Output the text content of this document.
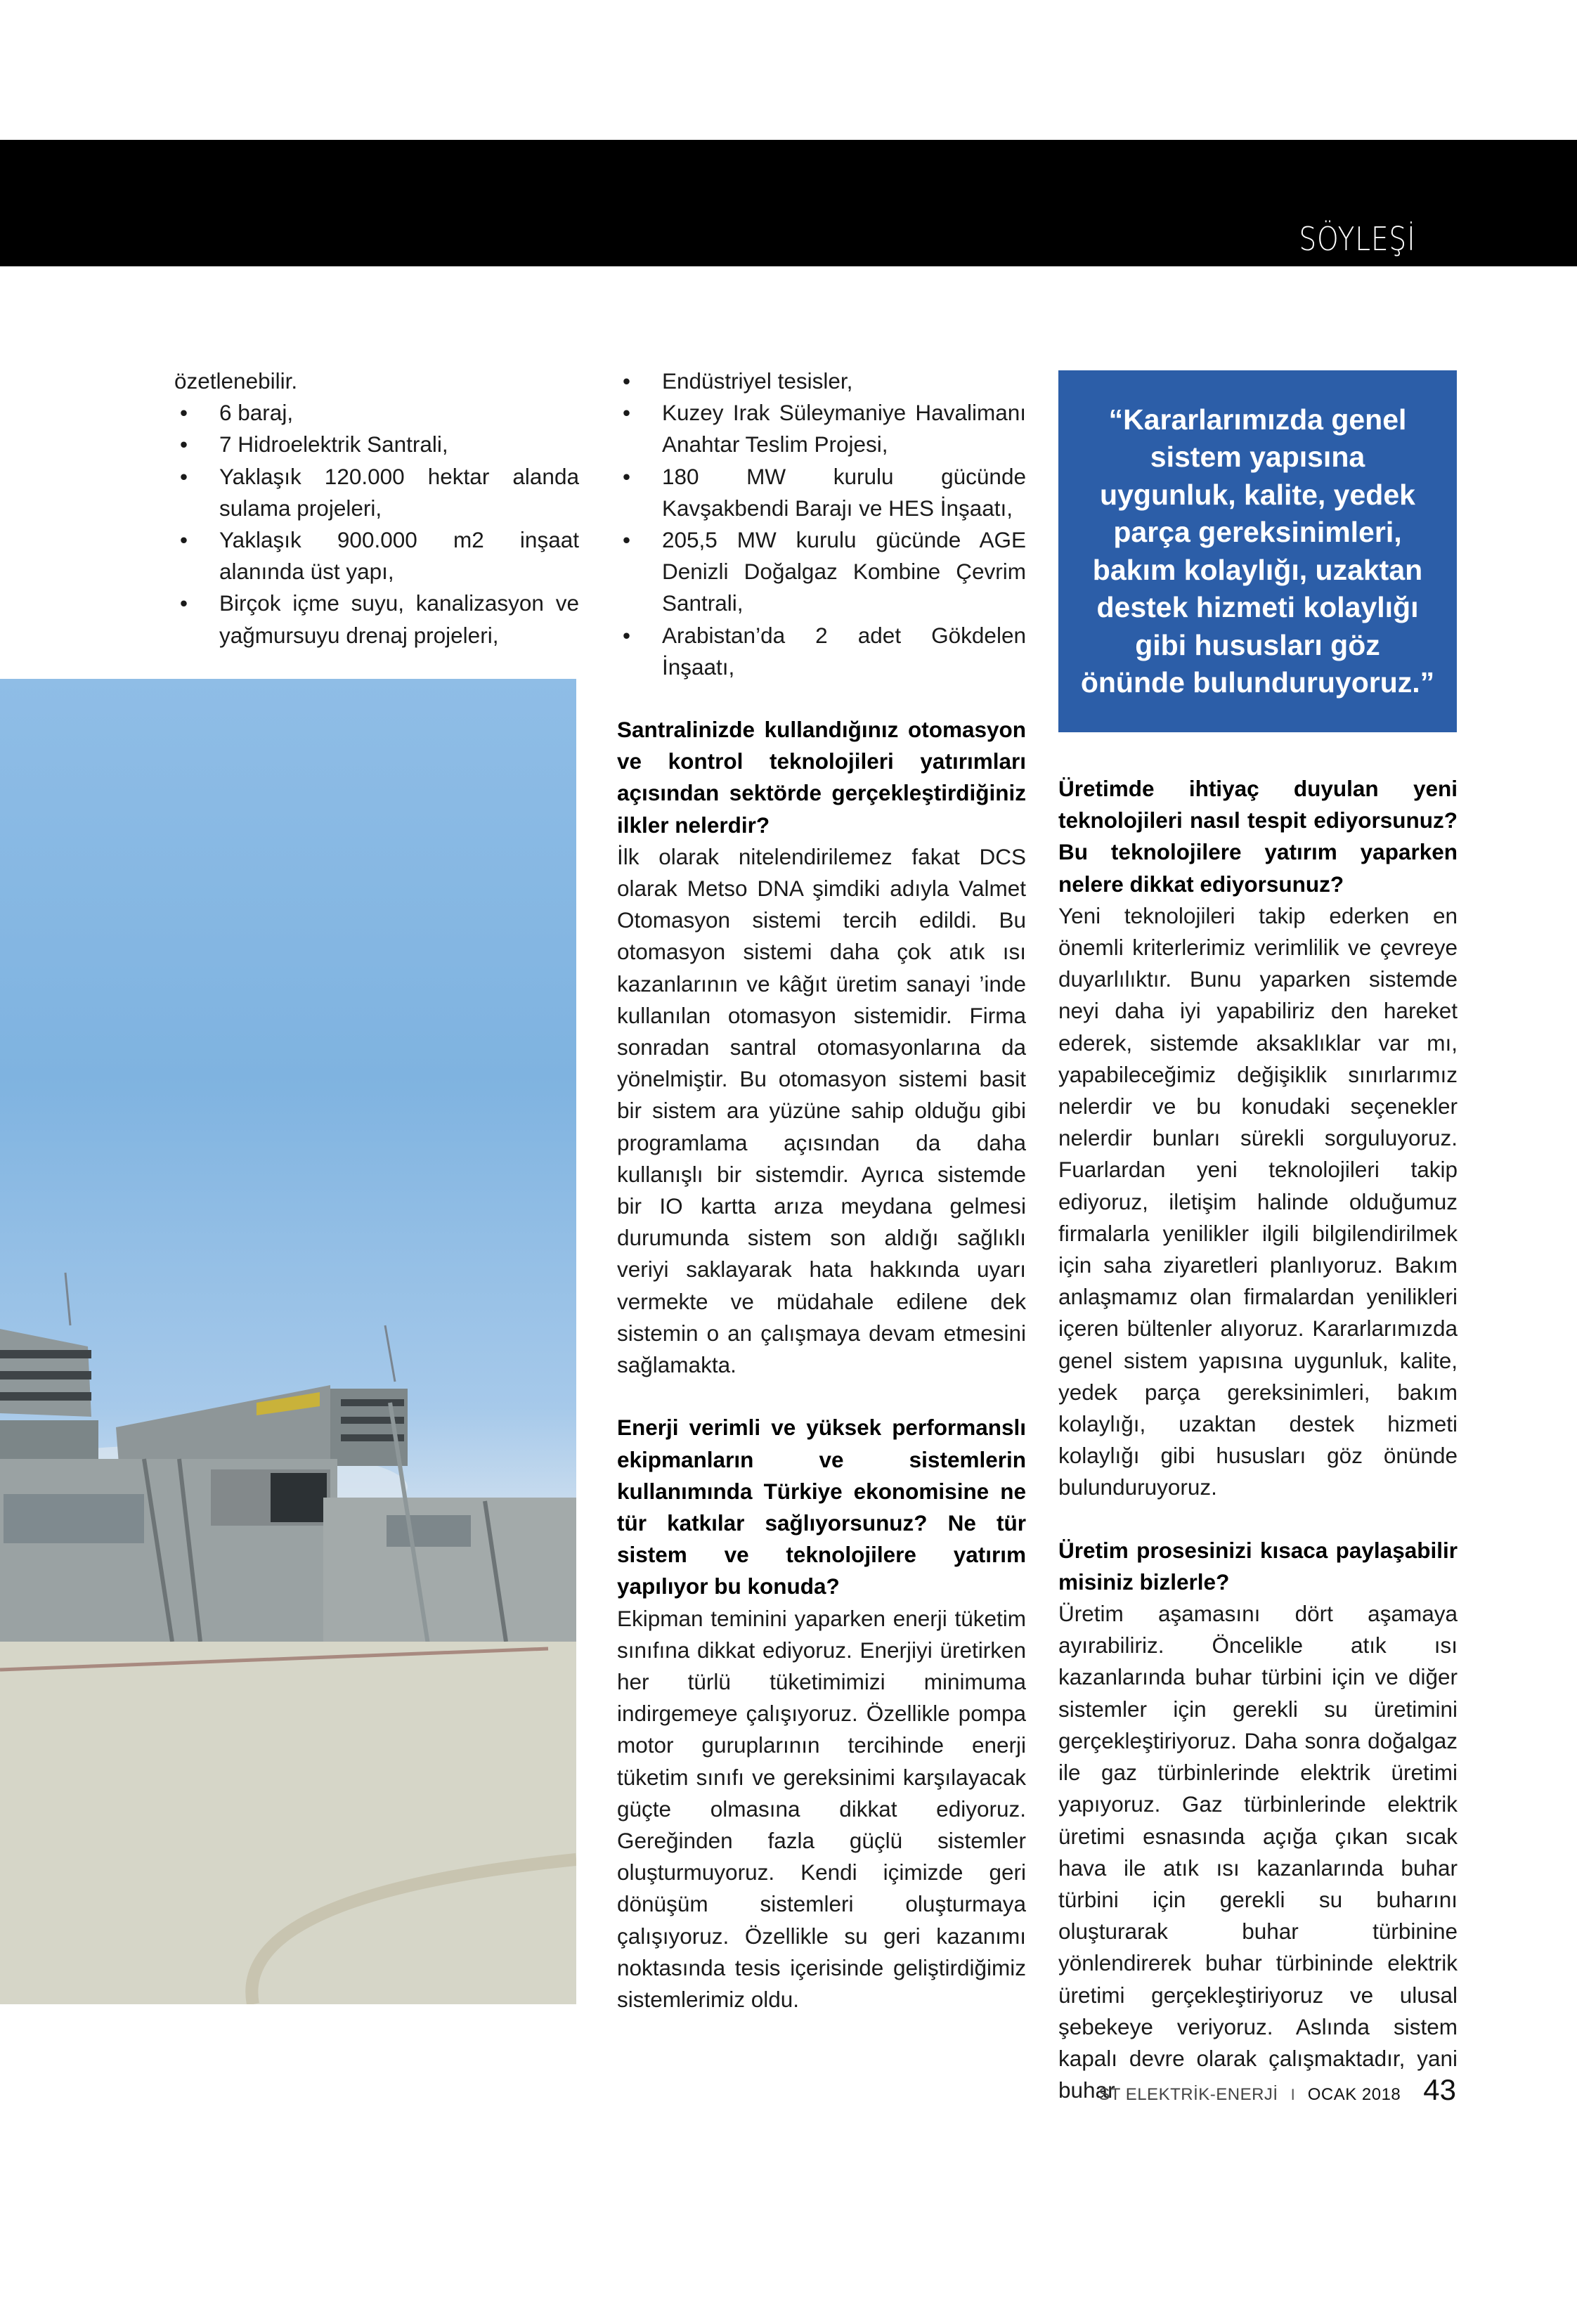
SÖYLEŞİ

özetlenebilir.

• 6 baraj,
• 7 Hidroelektrik Santrali,
• Yaklaşık 120.000 hektar alanda sulama projeleri,
• Yaklaşık 900.000 m2 inşaat alanında üst yapı,
• Birçok içme suyu, kanalizasyon ve yağmursuyu drenaj projeleri,
• Endüstriyel tesisler,
• Kuzey Irak Süleymaniye Havalimanı Anahtar Teslim Projesi,
• 180 MW kurulu gücünde Kavşakbendi Barajı ve HES İnşaatı,
• 205,5 MW kurulu gücünde AGE Denizli Doğalgaz Kombine Çevrim Santrali,
• Arabistan’da 2 adet Gökdelen İnşaatı,

Santralinizde kullandığınız otomasyon ve kontrol teknolojileri yatırımları açısından sektörde gerçekleştirdiğiniz ilkler nelerdir?

İlk olarak nitelendirilemez fakat DCS olarak Metso DNA şimdiki adıyla Valmet Otomasyon sistemi tercih edildi. Bu otomasyon sistemi daha çok atık ısı kazanlarının ve kâğıt üretim sanayi ’inde kullanılan otomasyon sistemidir. Firma sonradan santral otomasyonlarına da yönelmiştir. Bu otomasyon sistemi basit bir sistem ara yüzüne sahip olduğu gibi programlama açısından da daha kullanışlı bir sistemdir. Ayrıca sistemde bir IO kartta arıza meydana gelmesi durumunda sistem son aldığı sağlıklı veriyi saklayarak hata hakkında uyarı vermekte ve müdahale edilene dek sistemin o an çalışmaya devam etmesini sağlamakta.

Enerji verimli ve yüksek performanslı ekipmanların ve sistemlerin kullanımında Türkiye ekonomisine ne tür katkılar sağlıyorsunuz? Ne tür sistem ve teknolojilere yatırım yapılıyor bu konuda?

Ekipman teminini yaparken enerji tüketim sınıfına dikkat ediyoruz. Enerjiyi üretirken her türlü tüketimimizi minimuma indirgemeye çalışıyoruz. Özellikle pompa motor guruplarının tercihinde enerji tüketim sınıfı ve gereksinimi karşılayacak güçte olmasına dikkat ediyoruz. Gereğinden fazla güçlü sistemler oluşturmuyoruz. Kendi içimizde geri dönüşüm sistemleri oluşturmaya çalışıyoruz. Özellikle su geri kazanımı noktasında tesis içerisinde geliştirdiğimiz sistemlerimiz oldu.

“Kararlarımızda genel sistem yapısına uygunluk, kalite, yedek parça gereksinimleri, bakım kolaylığı, uzaktan destek hizmeti kolaylığı gibi hususları göz önünde bulunduruyoruz.”

Üretimde ihtiyaç duyulan yeni teknolojileri nasıl tespit ediyorsunuz? Bu teknolojilere yatırım yaparken nelere dikkat ediyorsunuz?

Yeni teknolojileri takip ederken en önemli kriterlerimiz verimlilik ve çevreye duyarlılıktır. Bunu yaparken sistemde neyi daha iyi yapabiliriz den hareket ederek, sistemde aksaklıklar var mı, yapabileceğimiz değişiklik sınırlarımız nelerdir ve bu konudaki seçenekler nelerdir bunları sürekli sorguluyoruz. Fuarlardan yeni teknolojileri takip ediyoruz, iletişim halinde olduğumuz firmalarla yenilikler ilgili bilgilendirilmek için saha ziyaretleri planlıyoruz. Bakım anlaşmamız olan firmalardan yenilikleri içeren bültenler alıyoruz. Kararlarımızda genel sistem yapısına uygunluk, kalite, yedek parça gereksinimleri, bakım kolaylığı, uzaktan destek hizmeti kolaylığı gibi hususları göz önünde bulunduruyoruz.

Üretim prosesinizi kısaca paylaşabilir misiniz bizlerle?

Üretim aşamasını dört aşamaya ayırabiliriz. Öncelikle atık ısı kazanlarında buhar türbini için ve diğer sistemler için gerekli su üretimini gerçekleştiriyoruz. Daha sonra doğalgaz ile gaz türbinlerinde elektrik üretimi yapıyoruz. Gaz türbinlerinde elektrik üretimi esnasında açığa çıkan sıcak hava ile atık ısı kazanlarında buhar türbini için gerekli su buharını oluşturarak buhar türbinine yönlendirerek buhar türbininde elektrik üretimi gerçekleştiriyoruz ve ulusal şebekeye veriyoruz. Aslında sistem kapalı devre olarak çalışmaktadır, yani buhar

ST ELEKTRİK-ENERJİ I OCAK 2018 43
